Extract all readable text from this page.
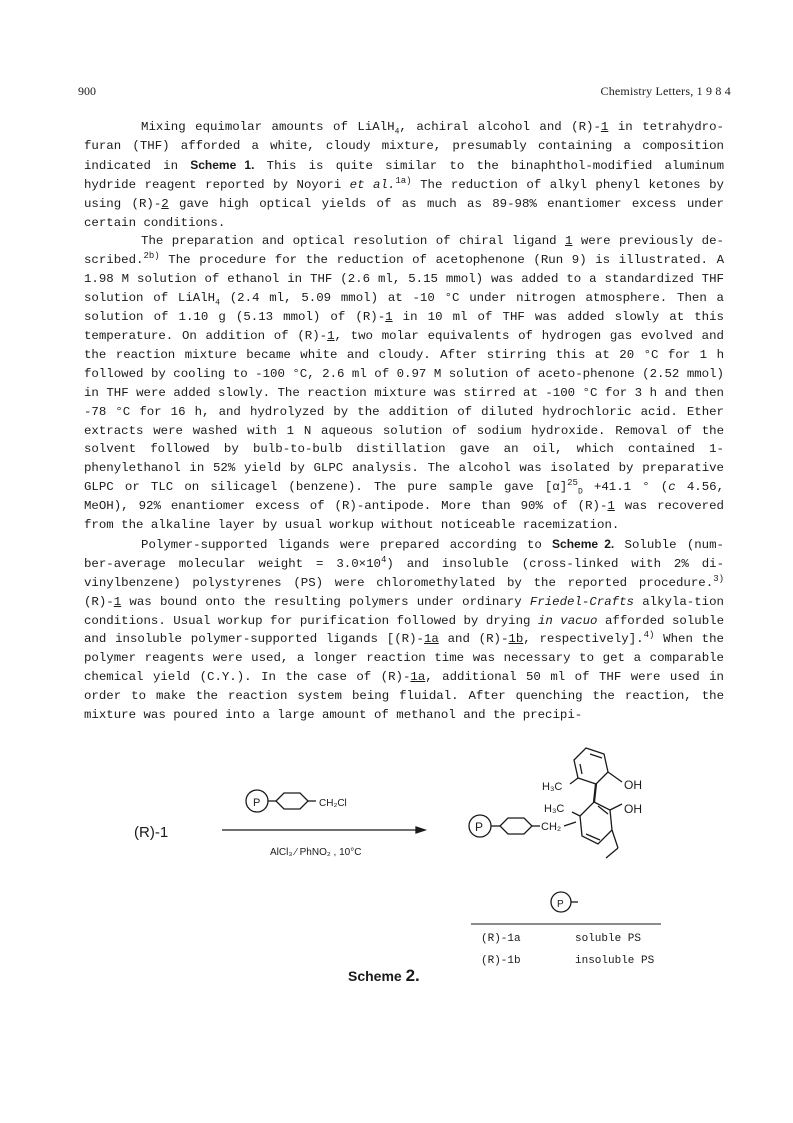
900	Chemistry Letters, 1 9 8 4

Mixing equimolar amounts of LiAlH$_4$, achiral alcohol and (R)-1 in tetrahydro-furan (THF) afforded a white, cloudy mixture, presumably containing a composition indicated in Scheme 1. This is quite similar to the binaphthol-modified aluminum hydride reagent reported by Noyori et al.$^{1a)}$ The reduction of alkyl phenyl ketones by using (R)-2 gave high optical yields of as much as 89-98% enantiomer excess under certain conditions.

The preparation and optical resolution of chiral ligand 1 were previously de-scribed.$^{2b)}$ The procedure for the reduction of acetophenone (Run 9) is illustrated. A 1.98 M solution of ethanol in THF (2.6 ml, 5.15 mmol) was added to a standardized THF solution of LiAlH$_4$ (2.4 ml, 5.09 mmol) at -10 °C under nitrogen atmosphere. Then a solution of 1.10 g (5.13 mmol) of (R)-1 in 10 ml of THF was added slowly at this temperature. On addition of (R)-1, two molar equivalents of hydrogen gas evolved and the reaction mixture became white and cloudy. After stirring this at 20 °C for 1 h followed by cooling to -100 °C, 2.6 ml of 0.97 M solution of aceto-phenone (2.52 mmol) in THF were added slowly. The reaction mixture was stirred at -100 °C for 3 h and then -78 °C for 16 h, and hydrolyzed by the addition of diluted hydrochloric acid. Ether extracts were washed with 1 N aqueous solution of sodium hydroxide. Removal of the solvent followed by bulb-to-bulb distillation gave an oil, which contained 1-phenylethanol in 52% yield by GLPC analysis. The alcohol was isolated by preparative GLPC or TLC on silicagel (benzene). The pure sample gave $[\alpha]^{25}_D +41.1$ ° (c 4.56, MeOH), 92% enantiomer excess of (R)-antipode. More than 90% of (R)-1 was recovered from the alkaline layer by usual workup without noticeable racemization.

Polymer-supported ligands were prepared according to Scheme 2. Soluble (num-ber-average molecular weight = $3.0\times 10^4$) and insoluble (cross-linked with 2% di-vinylbenzene) polystyrenes (PS) were chloromethylated by the reported procedure.$^{3)}$ (R)-1 was bound onto the resulting polymers under ordinary Friedel-Crafts alkyla-tion conditions. Usual workup for purification followed by drying in vacuo afforded soluble and insoluble polymer-supported ligands [(R)-1a and (R)-1b, respectively].$^{4)}$ When the polymer reagents were used, a longer reaction time was necessary to get a comparable chemical yield (C.Y.). In the case of (R)-1a, additional 50 ml of THF were used in order to make the reaction system being fluidal. After quenching the reaction, the mixture was poured into a large amount of methanol and the precipi-

(R)-1
P	CH₂Cl
AlCl₃ ∕ PhNO₂ , 10°C
P	CH₂
OH
H₃C
OH
H₃C
P
(R)-1a	soluble PS
(R)-1b	insoluble PS
Scheme 2.
